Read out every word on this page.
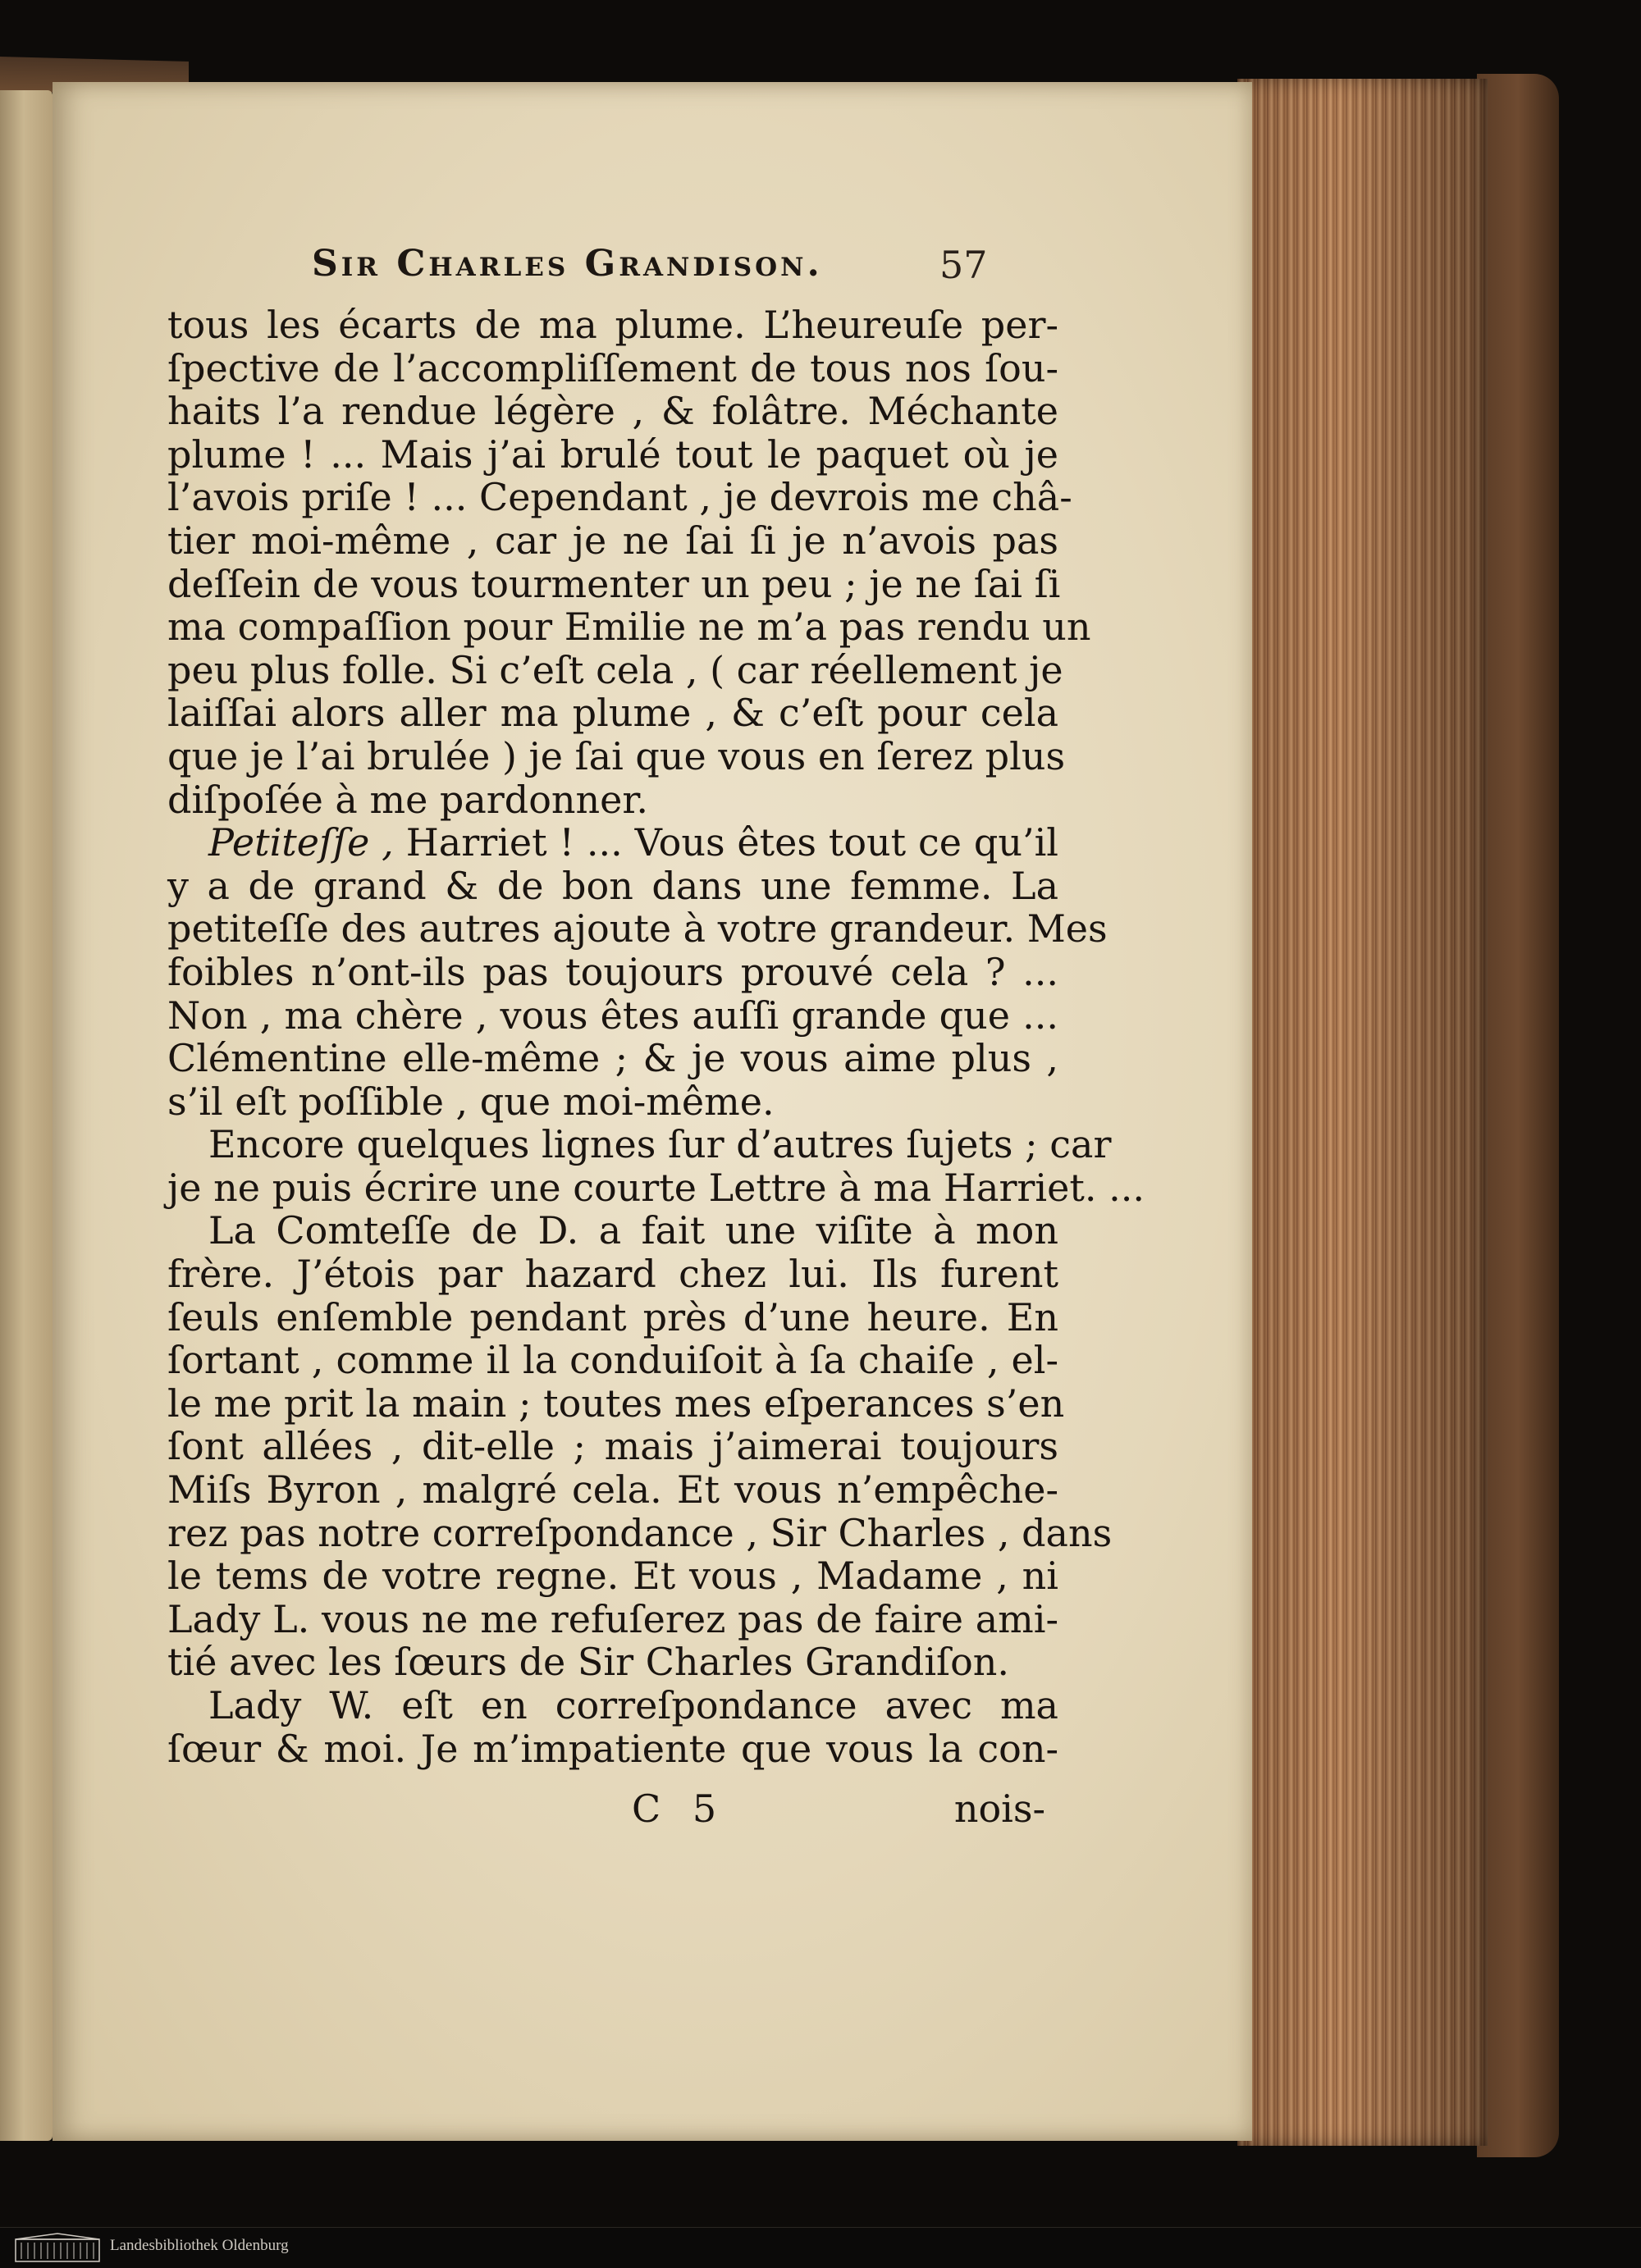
Sir Charles Grandison.	57
tous les écarts de ma plume. L’heureuſe per-
ſpective de l’accompliſſement de tous nos ſou-
haits l’a rendue légère , & folâtre. Méchante
plume ! ... Mais j’ai brulé tout le paquet où je
l’avois priſe ! ... Cependant , je devrois me châ-
tier moi-même , car je ne ſai ſi je n’avois pas
deſſein de vous tourmenter un peu ; je ne ſai ſi
ma compaſſion pour Emilie ne m’a pas rendu un
peu plus folle. Si c’eſt cela , ( car réellement je
laiſſai alors aller ma plume , & c’eſt pour cela
que je l’ai brulée ) je ſai que vous en ſerez plus
diſpoſée à me pardonner.
Petiteſſe , Harriet ! ... Vous êtes tout ce qu’il
y a de grand & de bon dans une femme. La
petiteſſe des autres ajoute à votre grandeur. Mes
foibles n’ont-ils pas toujours prouvé cela ? ...
Non , ma chère , vous êtes auſſi grande que ...
Clémentine elle-même ; & je vous aime plus ,
s’il eſt poſſible , que moi-même.
Encore quelques lignes ſur d’autres ſujets ; car
je ne puis écrire une courte Lettre à ma Harriet. ...
La Comteſſe de D. a fait une viſite à mon
frère. J’étois par hazard chez lui. Ils furent
ſeuls enſemble pendant près d’une heure. En
ſortant , comme il la conduiſoit à ſa chaiſe , el-
le me prit la main ; toutes mes eſperances s’en
ſont allées , dit-elle ; mais j’aimerai toujours
Miſs Byron , malgré cela. Et vous n’empêche-
rez pas notre correſpondance , Sir Charles , dans
le tems de votre regne. Et vous , Madame , ni
Lady L. vous ne me refuſerez pas de faire ami-
tié avec les ſœurs de Sir Charles Grandiſon.
Lady W. eſt en correſpondance avec ma
ſœur & moi. Je m’impatiente que vous la con-
C 5	nois-
Landesbibliothek Oldenburg
